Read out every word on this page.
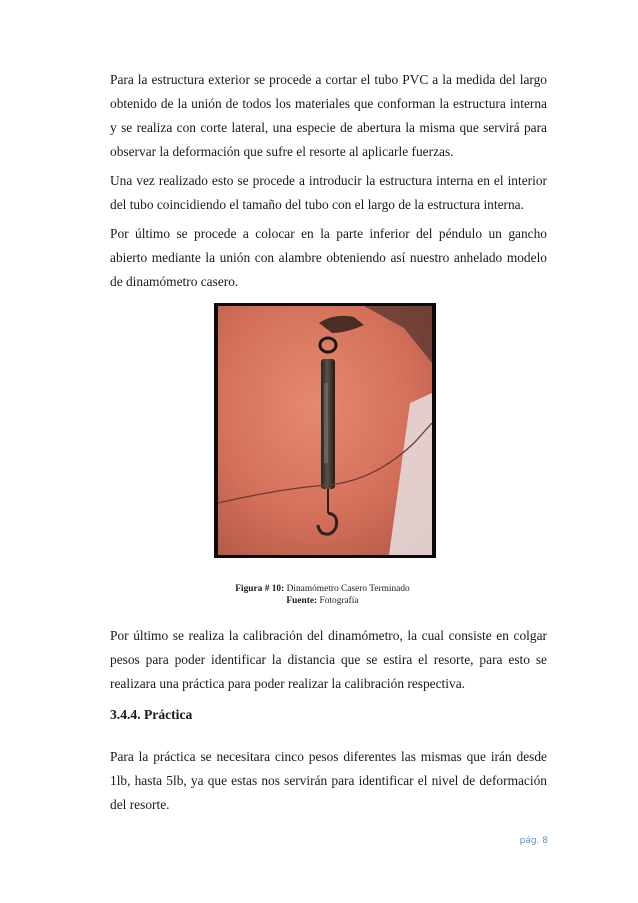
Para la estructura exterior se procede a cortar el tubo PVC a la medida del largo obtenido de la unión de todos los materiales que conforman la estructura interna y se realiza con corte lateral, una especie de abertura la misma que servirá para observar la deformación que sufre el resorte al aplicarle fuerzas.

Una vez realizado esto se procede a introducir la estructura interna en el interior del tubo coincidiendo el tamaño del tubo con el largo de la estructura interna.

Por último se procede a colocar en la parte inferior del péndulo un gancho abierto mediante la unión con alambre obteniendo así nuestro anhelado modelo de dinamómetro casero.

Figura # 10: Dinamómetro Casero Terminado
Fuente: Fotografía

Por último se realiza la calibración del dinamómetro, la cual consiste en colgar pesos para poder identificar la distancia que se estira el resorte, para esto se realizara una práctica para poder realizar la calibración respectiva.

3.4.4. Práctica

Para la práctica se necesitara cinco pesos diferentes las mismas que irán desde 1lb, hasta 5lb, ya que estas nos servirán para identificar el nivel de deformación del resorte.

pág. 8
